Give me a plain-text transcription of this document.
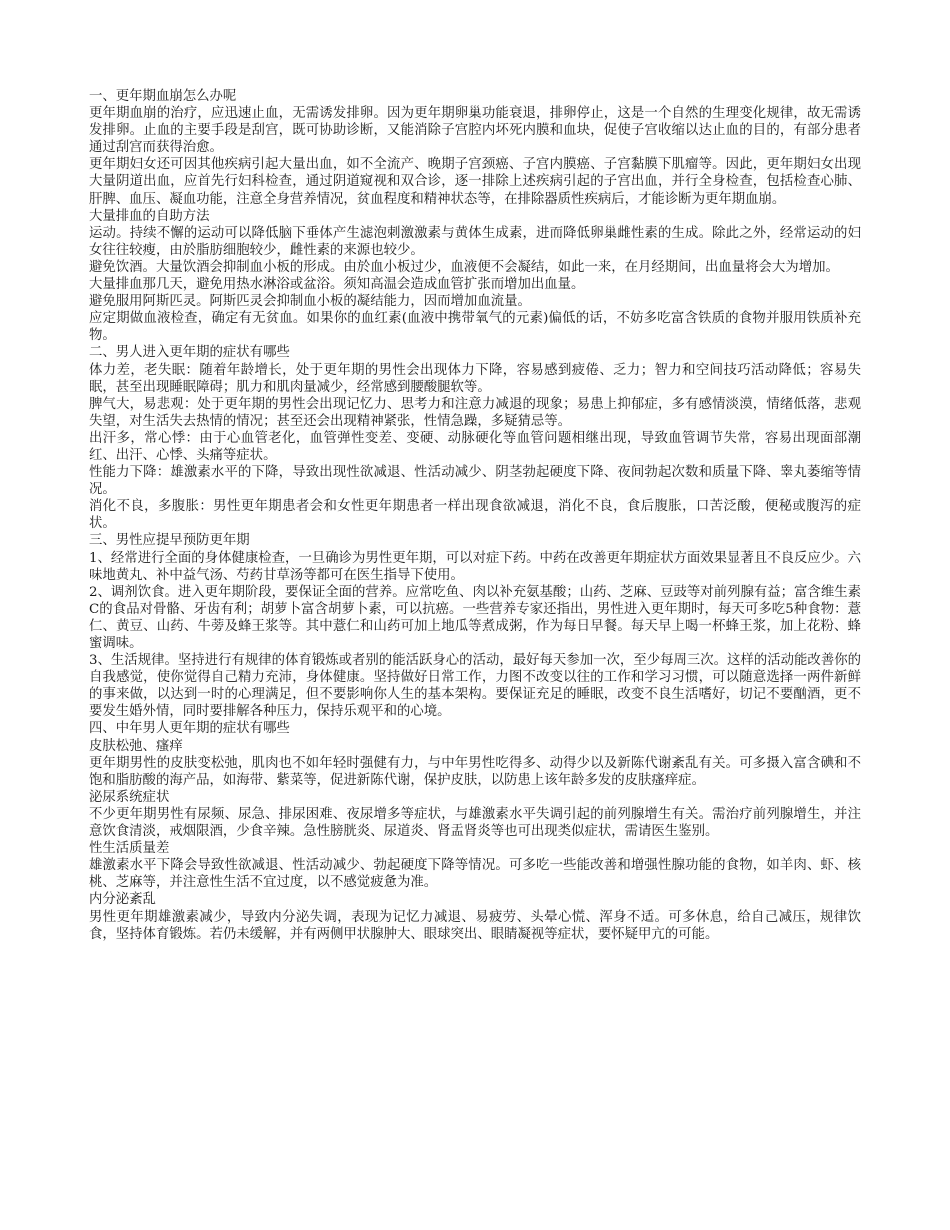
一、更年期血崩怎么办呢

更年期血崩的治疗，应迅速止血，无需诱发排卵。因为更年期卵巢功能衰退，排卵停止，这是一个自然的生理变化规律，故无需诱发排卵。止血的主要手段是刮宫，既可协助诊断，又能消除子宫腔内坏死内膜和血块，促使子宫收缩以达止血的目的，有部分患者通过刮宫而获得治愈。

更年期妇女还可因其他疾病引起大量出血，如不全流产、晚期子宫颈癌、子宫内膜癌、子宫黏膜下肌瘤等。因此，更年期妇女出现大量阴道出血，应首先行妇科检查，通过阴道窥视和双合诊，逐一排除上述疾病引起的子宫出血，并行全身检查，包括检查心肺、肝脾、血压、凝血功能，注意全身营养情况，贫血程度和精神状态等，在排除器质性疾病后，才能诊断为更年期血崩。

大量排血的自助方法

运动。持续不懈的运动可以降低脑下垂体产生滤泡刺激激素与黄体生成素，进而降低卵巢雌性素的生成。除此之外，经常运动的妇女往往较瘦，由於脂肪细胞较少，雌性素的来源也较少。

避免饮酒。大量饮酒会抑制血小板的形成。由於血小板过少，血液便不会凝结，如此一来，在月经期间，出血量将会大为增加。

大量排血那几天，避免用热水淋浴或盆浴。须知高温会造成血管扩张而增加出血量。

避免服用阿斯匹灵。阿斯匹灵会抑制血小板的凝结能力，因而增加血流量。

应定期做血液检查，确定有无贫血。如果你的血红素(血液中携带氧气的元素)偏低的话，不妨多吃富含铁质的食物并服用铁质补充物。

二、男人进入更年期的症状有哪些

体力差，老失眠：随着年龄增长，处于更年期的男性会出现体力下降，容易感到疲倦、乏力；智力和空间技巧活动降低；容易失眠，甚至出现睡眠障碍；肌力和肌肉量减少，经常感到腰酸腿软等。

脾气大，易悲观：处于更年期的男性会出现记忆力、思考力和注意力减退的现象；易患上抑郁症，多有感情淡漠，情绪低落，悲观失望，对生活失去热情的情况；甚至还会出现精神紧张，性情急躁，多疑猜忌等。

出汗多，常心悸：由于心血管老化，血管弹性变差、变硬、动脉硬化等血管问题相继出现，导致血管调节失常，容易出现面部潮红、出汗、心悸、头痛等症状。

性能力下降：雄激素水平的下降，导致出现性欲减退、性活动减少、阴茎勃起硬度下降、夜间勃起次数和质量下降、睾丸萎缩等情况。

消化不良，多腹胀：男性更年期患者会和女性更年期患者一样出现食欲减退，消化不良，食后腹胀，口苦泛酸，便秘或腹泻的症状。

三、男性应提早预防更年期

1、经常进行全面的身体健康检查，一旦确诊为男性更年期，可以对症下药。中药在改善更年期症状方面效果显著且不良反应少。六味地黄丸、补中益气汤、芍药甘草汤等都可在医生指导下使用。

2、调剂饮食。进入更年期阶段，要保证全面的营养。应常吃鱼、肉以补充氨基酸；山药、芝麻、豆豉等对前列腺有益；富含维生素C的食品对骨骼、牙齿有利；胡萝卜富含胡萝卜素，可以抗癌。一些营养专家还指出，男性进入更年期时，每天可多吃5种食物：薏仁、黄豆、山药、牛蒡及蜂王浆等。其中薏仁和山药可加上地瓜等煮成粥，作为每日早餐。每天早上喝一杯蜂王浆，加上花粉、蜂蜜调味。

3、生活规律。坚持进行有规律的体育锻炼或者别的能活跃身心的活动，最好每天参加一次，至少每周三次。这样的活动能改善你的自我感觉，使你觉得自己精力充沛，身体健康。坚持做好日常工作，力图不改变以往的工作和学习习惯，可以随意选择一两件新鲜的事来做，以达到一时的心理满足，但不要影响你人生的基本架构。要保证充足的睡眠，改变不良生活嗜好，切记不要酗酒，更不要发生婚外情，同时要排解各种压力，保持乐观平和的心境。

四、中年男人更年期的症状有哪些

皮肤松弛、瘙痒

更年期男性的皮肤变松弛，肌肉也不如年轻时强健有力，与中年男性吃得多、动得少以及新陈代谢紊乱有关。可多摄入富含碘和不饱和脂肪酸的海产品，如海带、紫菜等，促进新陈代谢，保护皮肤，以防患上该年龄多发的皮肤瘙痒症。

泌尿系统症状

不少更年期男性有尿频、尿急、排尿困难、夜尿增多等症状，与雄激素水平失调引起的前列腺增生有关。需治疗前列腺增生，并注意饮食清淡，戒烟限酒，少食辛辣。急性膀胱炎、尿道炎、肾盂肾炎等也可出现类似症状，需请医生鉴别。

性生活质量差

雄激素水平下降会导致性欲减退、性活动减少、勃起硬度下降等情况。可多吃一些能改善和增强性腺功能的食物，如羊肉、虾、核桃、芝麻等，并注意性生活不宜过度，以不感觉疲惫为准。

内分泌紊乱

男性更年期雄激素减少，导致内分泌失调，表现为记忆力减退、易疲劳、头晕心慌、浑身不适。可多休息，给自己减压，规律饮食，坚持体育锻炼。若仍未缓解，并有两侧甲状腺肿大、眼球突出、眼睛凝视等症状，要怀疑甲亢的可能。
